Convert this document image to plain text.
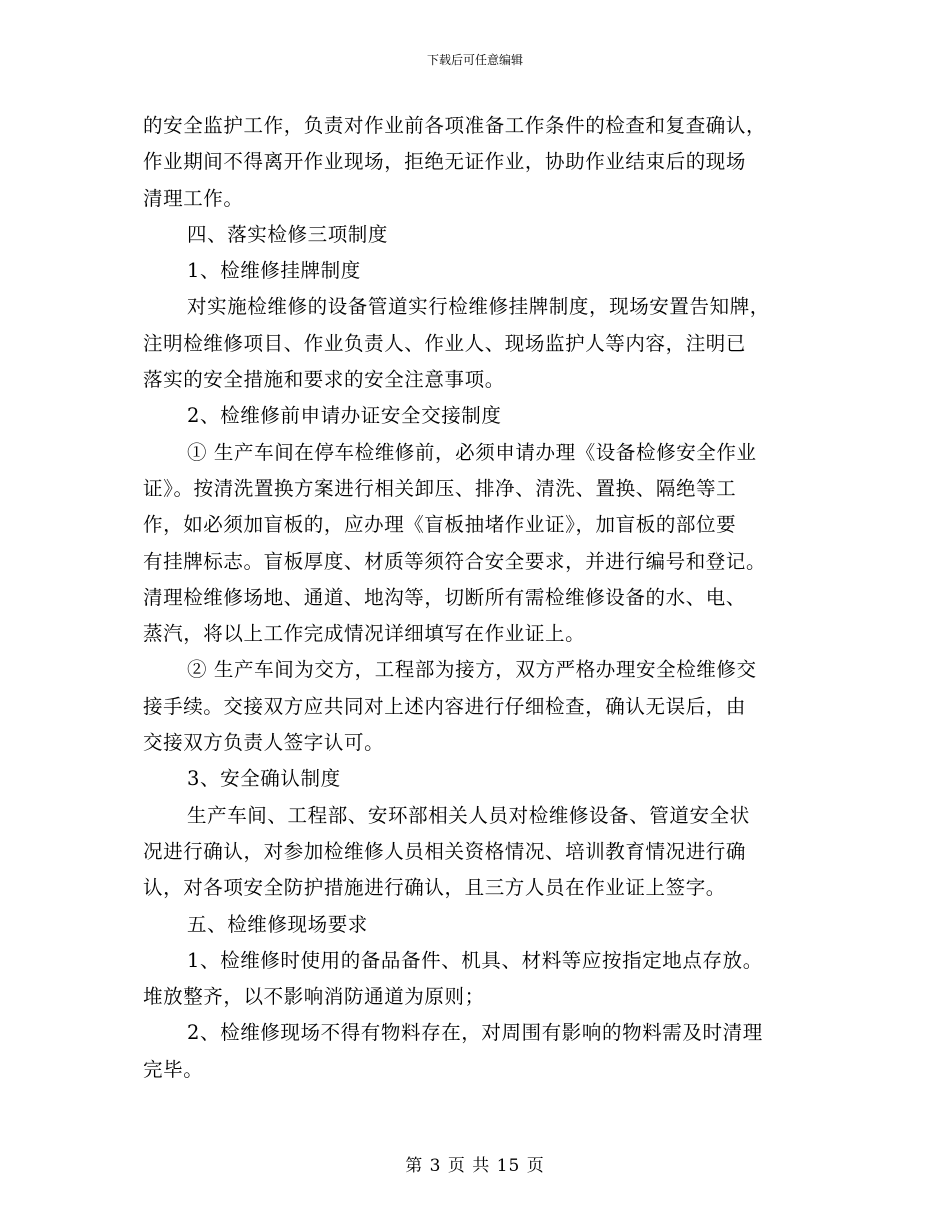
下载后可任意编辑
的安全监护工作，负责对作业前各项准备工作条件的检查和复查确认，
作业期间不得离开作业现场，拒绝无证作业，协助作业结束后的现场
清理工作。
四、落实检修三项制度
1、检维修挂牌制度
对实施检维修的设备管道实行检维修挂牌制度，现场安置告知牌，
注明检维修项目、作业负责人、作业人、现场监护人等内容，注明已
落实的安全措施和要求的安全注意事项。
2、检维修前申请办证安全交接制度
① 生产车间在停车检维修前，必须申请办理《设备检修安全作业
证》。按清洗置换方案进行相关卸压、排净、清洗、置换、隔绝等工
作，如必须加盲板的，应办理《盲板抽堵作业证》，加盲板的部位要
有挂牌标志。盲板厚度、材质等须符合安全要求，并进行编号和登记。
清理检维修场地、通道、地沟等，切断所有需检维修设备的水、电、
蒸汽，将以上工作完成情况详细填写在作业证上。
② 生产车间为交方，工程部为接方，双方严格办理安全检维修交
接手续。交接双方应共同对上述内容进行仔细检查，确认无误后，由
交接双方负责人签字认可。
3、安全确认制度
生产车间、工程部、安环部相关人员对检维修设备、管道安全状
况进行确认，对参加检维修人员相关资格情况、培训教育情况进行确
认，对各项安全防护措施进行确认，且三方人员在作业证上签字。
五、检维修现场要求
1、检维修时使用的备品备件、机具、材料等应按指定地点存放。
堆放整齐，以不影响消防通道为原则；
2、检维修现场不得有物料存在，对周围有影响的物料需及时清理
完毕。
第 3 页 共 15 页
